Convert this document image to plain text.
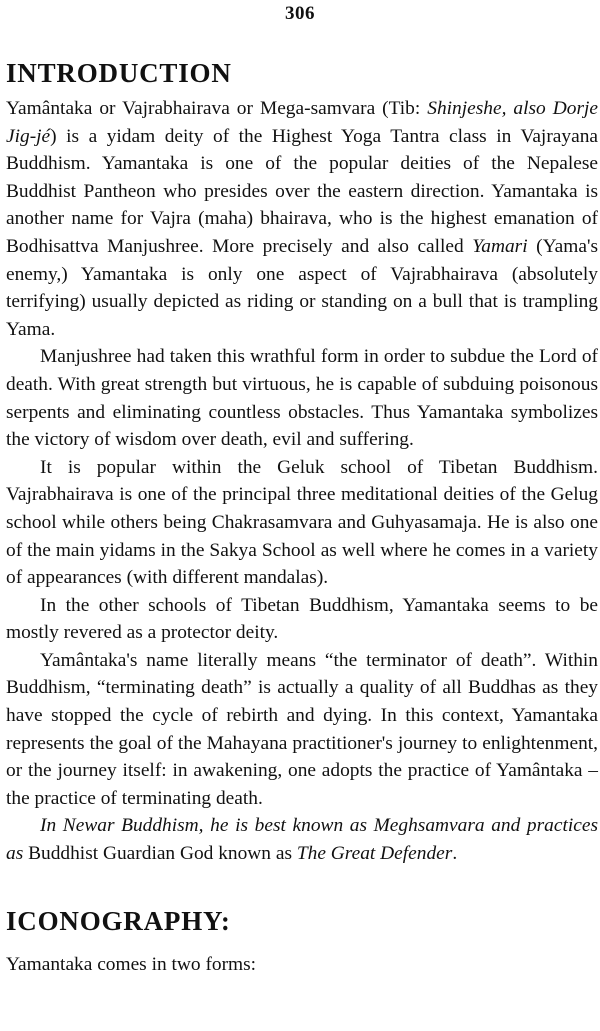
306
INTRODUCTION

Yamântaka or Vajrabhairava or Mega-samvara (Tib: Shinjeshe, also Dorje Jig-jé) is a yidam deity of the Highest Yoga Tantra class in Vajrayana Buddhism. Yamantaka is one of the popular deities of the Nepalese Buddhist Pantheon who presides over the eastern direction. Yamantaka is another name for Vajra (maha) bhairava, who is the highest emanation of Bodhisattva Manjushree. More precisely and also called Yamari (Yama's enemy,) Yamantaka is only one aspect of Vajrabhairava (absolutely terrifying) usually depicted as riding or standing on a bull that is trampling Yama.

Manjushree had taken this wrathful form in order to subdue the Lord of death. With great strength but virtuous, he is capable of subduing poisonous serpents and eliminating countless obstacles. Thus Yamantaka symbolizes the victory of wisdom over death, evil and suffering.

It is popular within the Geluk school of Tibetan Buddhism. Vajrabhairava is one of the principal three meditational deities of the Gelug school while others being Chakrasamvara and Guhyasamaja. He is also one of the main yidams in the Sakya School as well where he comes in a variety of appearances (with different mandalas).

In the other schools of Tibetan Buddhism, Yamantaka seems to be mostly revered as a protector deity.

Yamântaka's name literally means “the terminator of death”. Within Buddhism, “terminating death” is actually a quality of all Buddhas as they have stopped the cycle of rebirth and dying. In this context, Yamantaka represents the goal of the Mahayana practitioner's journey to enlightenment, or the journey itself: in awakening, one adopts the practice of Yamântaka – the practice of terminating death.

In Newar Buddhism, he is best known as Meghsamvara and practices as Buddhist Guardian God known as The Great Defender.

ICONOGRAPHY:
Yamantaka comes in two forms:
